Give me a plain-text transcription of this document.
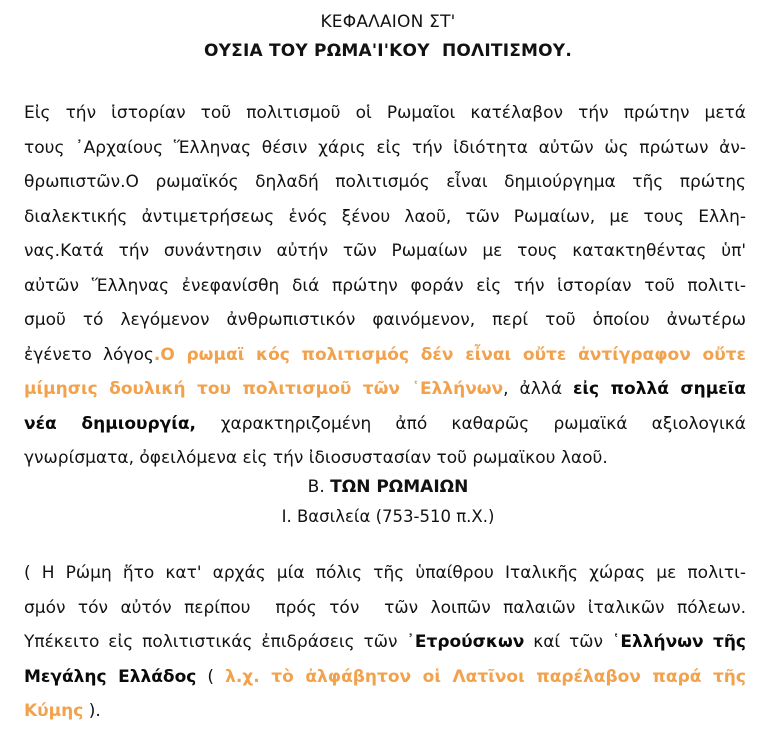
ΚΕΦΑΛΑΙΟΝ ΣΤ'
ΟΥΣΙΑ ΤΟΥ ΡΩΜΑ'Ι'ΚΟΥ  ΠΟΛΙΤΙΣΜΟΥ.
Εἰς τήν ἱστορίαν τοῦ πολιτισμοῦ οἱ Ρωμαῖοι κατέλαβον τήν πρώτην μετά
τους ᾿Αρχαίους Ἕλληνας θέσιν χάρις εἰς τήν ἰδιότητα αὐτῶν ὡς πρώτων ἀν-
θρωπιστῶν.Ο ρωμαϊκός δηλαδή πολιτισμός εἶναι δημιούργημα τῆς πρώτης
διαλεκτικής ἀντιμετρήσεως ἑνός ξένου λαοῦ, τῶν Ρωμαίων, με τους Ελλη-
νας.Κατά τήν συνάντησιν αὐτήν τῶν Ρωμαίων με τους κατακτηθέντας ὑπ'
αὐτῶν Ἕλληνας ἐνεφανίσθη διά πρώτην φοράν εἰς τήν ἱστορίαν τοῦ πολιτι-
σμοῦ τό λεγόμενον ἀνθρωπιστικόν φαινόμενον, περί τοῦ ὁποίου ἀνωτέρω
ἐγένετο λόγος.Ο ρωμαϊ κός πολιτισμός δέν εἶναι οὔτε ἀντίγραφον οὔτε
μίμησις δουλική του πολιτισμοῦ τῶν ῾Ελλήνων, ἀλλά εἰς πολλά σημεῖα
νέα δημιουργία, χαρακτηριζομένη ἀπό καθαρῶς ρωμαϊκά αξιολογικά
γνωρίσματα, ὀφειλόμενα εἰς τήν ἰδιοσυστασίαν τοῦ ρωμαϊκου λαοῦ.
Β. ΤΩΝ ΡΩΜΑΙΩΝ
Ι. Βασιλεία (753-510 π.Χ.)
( Η Ρώμη ἥτο κατ' αρχάς μία πόλις τῆς ὑπαίθρου Ιταλικῆς χώρας με πολιτι-
σμόν τόν αὐτόν περίπου  πρός τόν  τῶν λοιπῶν παλαιῶν ἰταλικῶν πόλεων.
Υπέκειτο εἰς πολιτιστικάς ἐπιδράσεις τῶν ᾿Ετρούσκων καί τῶν ῾Ελλήνων τῆς
Μεγάλης Ελλάδος ( λ.χ. τὸ ἀλφάβητον οἱ Λατῖνοι παρέλαβον παρά τῆς
Κύμης ).
